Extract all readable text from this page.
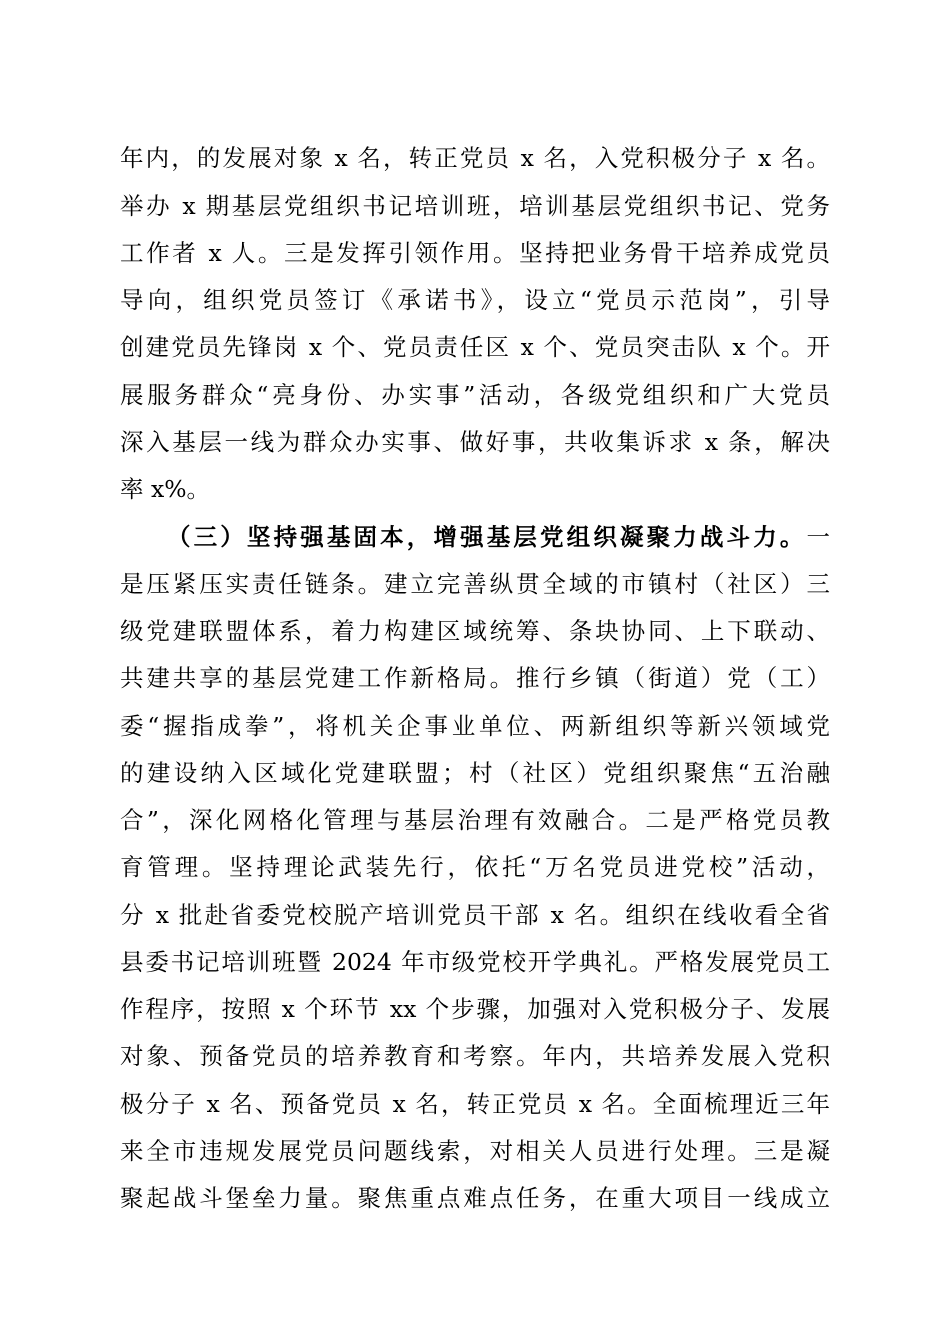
年内，的发展对象 x 名，转正党员 x 名，入党积极分子 x 名。
举办 x 期基层党组织书记培训班，培训基层党组织书记、党务
工作者 x 人。三是发挥引领作用。坚持把业务骨干培养成党员
导向，组织党员签订《承诺书》，设立“党员示范岗”，引导
创建党员先锋岗 x 个、党员责任区 x 个、党员突击队 x 个。开
展服务群众“亮身份、办实事”活动，各级党组织和广大党员
深入基层一线为群众办实事、做好事，共收集诉求 x 条，解决
率 x%。
（三）坚持强基固本，增强基层党组织凝聚力战斗力。一
是压紧压实责任链条。建立完善纵贯全域的市镇村（社区）三
级党建联盟体系，着力构建区域统筹、条块协同、上下联动、
共建共享的基层党建工作新格局。推行乡镇（街道）党（工）
委“握指成拳”，将机关企事业单位、两新组织等新兴领域党
的建设纳入区域化党建联盟；村（社区）党组织聚焦“五治融
合”，深化网格化管理与基层治理有效融合。二是严格党员教
育管理。坚持理论武装先行，依托“万名党员进党校”活动，
分 x 批赴省委党校脱产培训党员干部 x 名。组织在线收看全省
县委书记培训班暨 2024 年市级党校开学典礼。严格发展党员工
作程序，按照 x 个环节 xx 个步骤，加强对入党积极分子、发展
对象、预备党员的培养教育和考察。年内，共培养发展入党积
极分子 x 名、预备党员 x 名，转正党员 x 名。全面梳理近三年
来全市违规发展党员问题线索，对相关人员进行处理。三是凝
聚起战斗堡垒力量。聚焦重点难点任务，在重大项目一线成立
